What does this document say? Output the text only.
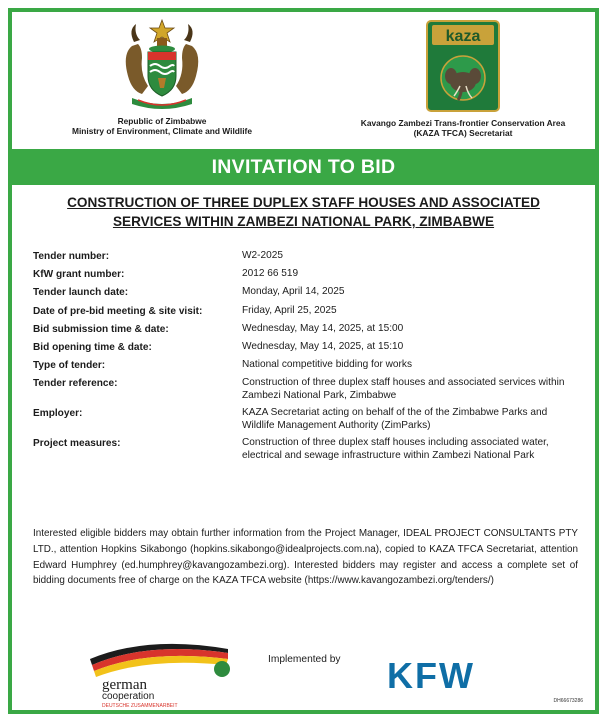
kaza
Republic of Zimbabwe
Ministry of Environment, Climate and Wildlife
Kavango Zambezi Trans-frontier Conservation Area
(KAZA TFCA) Secretariat
INVITATION TO BID
CONSTRUCTION OF THREE DUPLEX STAFF HOUSES AND ASSOCIATED
SERVICES WITHIN ZAMBEZI NATIONAL PARK, ZIMBABWE
Tender number:	W2-2025
KfW grant number:	2012 66 519
Tender launch date:	Monday, April 14, 2025
Date of pre-bid meeting & site visit:	Friday, April 25, 2025
Bid submission time & date:	Wednesday, May 14, 2025, at 15:00
Bid opening time & date:	Wednesday, May 14, 2025, at 15:10
Type of tender:	National competitive bidding for works
Tender reference:	Construction of three duplex staff houses and associated services within Zambezi National Park, Zimbabwe
Employer:	KAZA Secretariat acting on behalf of the of the Zimbabwe Parks and Wildlife Management Authority (ZimParks)
Project measures:	Construction of three duplex staff houses including associated water, electrical and sewage infrastructure within Zambezi National Park
Interested eligible bidders may obtain further information from the Project Manager, IDEAL PROJECT CONSULTANTS PTY LTD., attention Hopkins Sikabongo (hopkins.sikabongo@idealprojects.com.na), copied to KAZA TFCA Secretariat, attention Edward Humphrey (ed.humphrey@kavangozambezi.org). Interested bidders may register and access a complete set of bidding documents free of charge on the KAZA TFCA website (https://www.kavangozambezi.org/tenders/)
german
cooperation
DEUTSCHE ZUSAMMENARBEIT
Implemented by KFW
DH66673286
